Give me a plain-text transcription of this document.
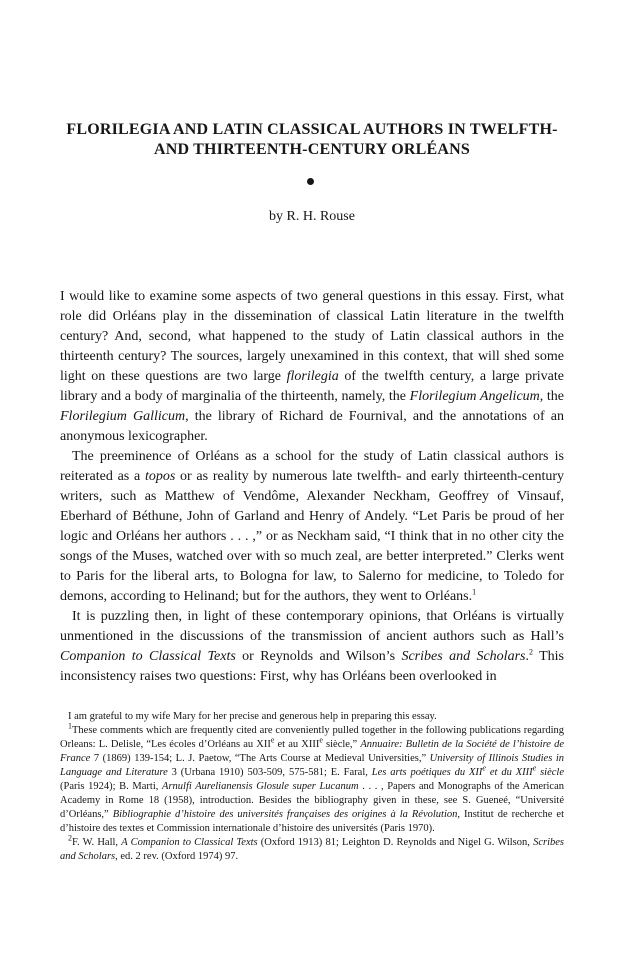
FLORILEGIA AND LATIN CLASSICAL AUTHORS IN TWELFTH-
AND THIRTEENTH-CENTURY ORLÉANS
by R. H. Rouse

I would like to examine some aspects of two general questions in this essay. First, what role did Orléans play in the dissemination of classical Latin literature in the twelfth century? And, second, what happened to the study of Latin classical authors in the thirteenth century? The sources, largely unexamined in this context, that will shed some light on these questions are two large florilegia of the twelfth century, a large private library and a body of marginalia of the thirteenth, namely, the Florilegium Angelicum, the Florilegium Gallicum, the library of Richard de Fournival, and the annotations of an anonymous lexicographer.

The preeminence of Orléans as a school for the study of Latin classical authors is reiterated as a topos or as reality by numerous late twelfth- and early thirteenth-century writers, such as Matthew of Vendôme, Alexander Neckham, Geoffrey of Vinsauf, Eberhard of Béthune, John of Garland and Henry of Andely. “Let Paris be proud of her logic and Orléans her authors . . . ,” or as Neckham said, “I think that in no other city the songs of the Muses, watched over with so much zeal, are better interpreted.” Clerks went to Paris for the liberal arts, to Bologna for law, to Salerno for medicine, to Toledo for demons, according to Helinand; but for the authors, they went to Orléans.$^1$

It is puzzling then, in light of these contemporary opinions, that Orléans is virtually unmentioned in the discussions of the transmission of ancient authors such as Hall’s Companion to Classical Texts or Reynolds and Wilson’s Scribes and Scholars.$^2$ This inconsistency raises two questions: First, why has Orléans been overlooked in

I am grateful to my wife Mary for her precise and generous help in preparing this essay.

$^1$These comments which are frequently cited are conveniently pulled together in the following publications regarding Orleans: L. Delisle, “Les écoles d’Orléans au XIIe et au XIIIe siècle,” Annuaire: Bulletin de la Société de l’histoire de France 7 (1869) 139-154; L. J. Paetow, “The Arts Course at Medieval Universities,” University of Illinois Studies in Language and Literature 3 (Urbana 1910) 503-509, 575-581; E. Faral, Les arts poétiques du XIIe et du XIIIe siècle (Paris 1924); B. Marti, Arnulfi Aurelianensis Glosule super Lucanum . . . , Papers and Monographs of the American Academy in Rome 18 (1958), introduction. Besides the bibliography given in these, see S. Gueneé, “Université d’Orléans,” Bibliographie d’histoire des universités françaises des origines à la Révolution, Institut de recherche et d’histoire des textes et Commission internationale d’histoire des universités (Paris 1970).

$^2$F. W. Hall, A Companion to Classical Texts (Oxford 1913) 81; Leighton D. Reynolds and Nigel G. Wilson, Scribes and Scholars, ed. 2 rev. (Oxford 1974) 97.
